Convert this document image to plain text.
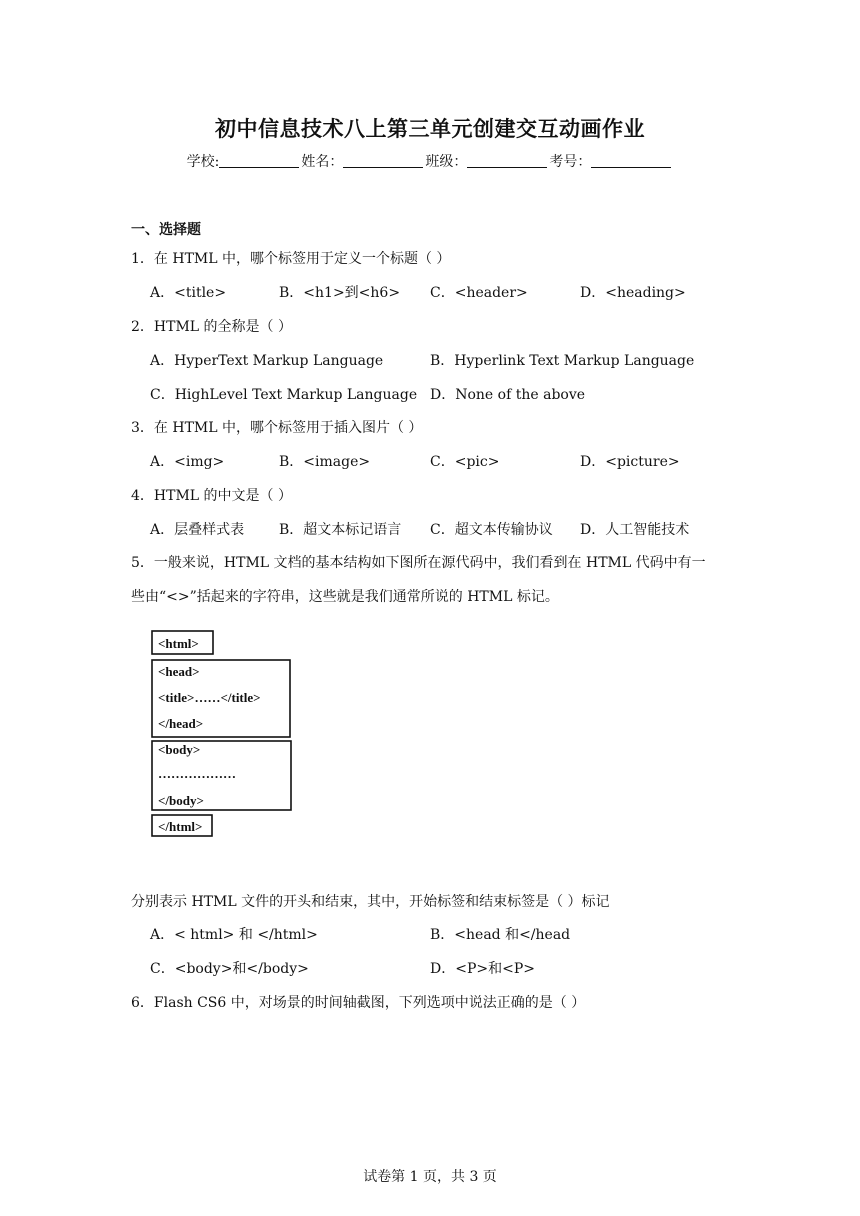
初中信息技术八上第三单元创建交互动画作业
学校:	姓名：	班级：	考号：
一、选择题
1．在 HTML 中，哪个标签用于定义一个标题（ ）
A．<title>	B．<h1>到<h6> C．<header>	D．<heading>
2．HTML 的全称是（ ）
A．HyperText Markup Language	B．Hyperlink Text Markup Language
C．HighLevel Text Markup Language D．None of the above
3．在 HTML 中，哪个标签用于插入图片（ ）
A．<img>	B．<image>	C．<pic>	D．<picture>
4．HTML 的中文是（ ）
A．层叠样式表 B．超文本标记语言 C．超文本传输协议 D．人工智能技术
5．一般来说，HTML 文档的基本结构如下图所在源代码中，我们看到在 HTML 代码中有一
些由“<>”括起来的字符串，这些就是我们通常所说的 HTML 标记。
<html>
<head>
<title>……</title>
</head>
<body>
………………
</body>
</html>
分别表示 HTML 文件的开头和结束，其中，开始标签和结束标签是（ ）标记
A．< html> 和 </html>	B．<head 和</head
C．<body>和</body>	D．<P>和<P>
6．Flash CS6 中，对场景的时间轴截图，下列选项中说法正确的是（ ）
试卷第 1 页，共 3 页
